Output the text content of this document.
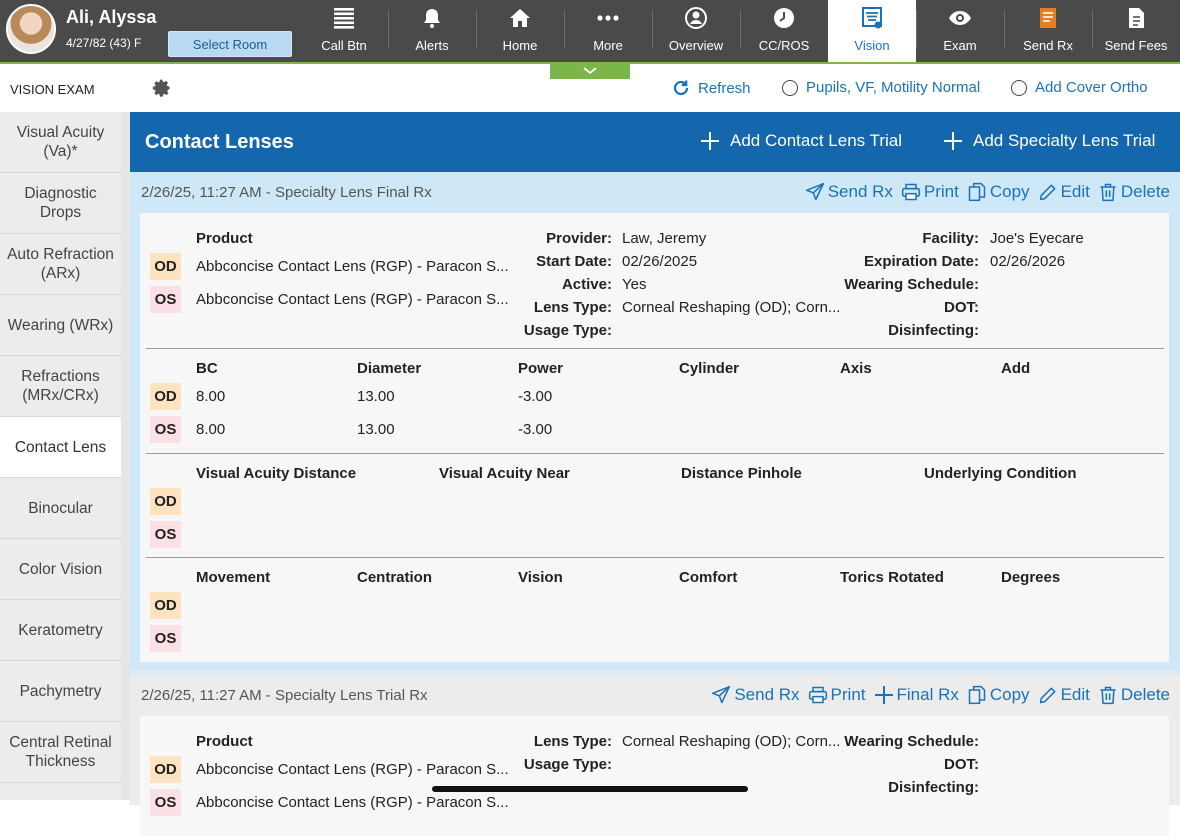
Ali, Alyssa
4/27/82 (43) F	Select Room	Call Btn	Alerts	Home	More	Overview	CC/ROS	Vision	Exam	Send Rx Send Fees
VISION EXAM	Refresh	Pupils, VF, Motility Normal	Add Cover Ortho
Visual Acuity (Va)*
Diagnostic Drops
Auto Refraction (ARx)
Wearing (WRx)
Refractions (MRx/CRx)
Contact Lens
Binocular
Color Vision
Keratometry
Pachymetry
Central Retinal Thickness
Contact Lenses	Add Contact Lens Trial	Add Specialty Lens Trial
2/26/25, 11:27 AM - Specialty Lens Final Rx	Send Rx Print Copy Edit Delete
Product
OD Abbconcise Contact Lens (RGP) - Paracon S...
OS	Abbconcise Contact Lens (RGP) - Paracon S...
Provider: Law, Jeremy
Start Date: 02/26/2025
Active: Yes
Lens Type: Corneal Reshaping (OD); Corn...
Usage Type:
Facility: Joe's Eyecare
Expiration Date: 02/26/2026
Wearing Schedule:
DOT:
Disinfecting:
BC	Diameter	Power	Cylinder	Axis	Add
OD 8.00	13.00	-3.00
OS	8.00	13.00	-3.00
Visual Acuity Distance	Visual Acuity Near	Distance Pinhole	Underlying Condition
OD
OS
Movement	Centration	Vision	Comfort	Torics Rotated	Degrees
OD
OS
2/26/25, 11:27 AM - Specialty Lens Trial Rx	Send Rx Print Final Rx Copy Edit Delete
Product
OD Abbconcise Contact Lens (RGP) - Paracon S...
OS	Abbconcise Contact Lens (RGP) - Paracon S...
Lens Type: Corneal Reshaping (OD); Corn...
Usage Type:
Wearing Schedule:
DOT:
Disinfecting:
